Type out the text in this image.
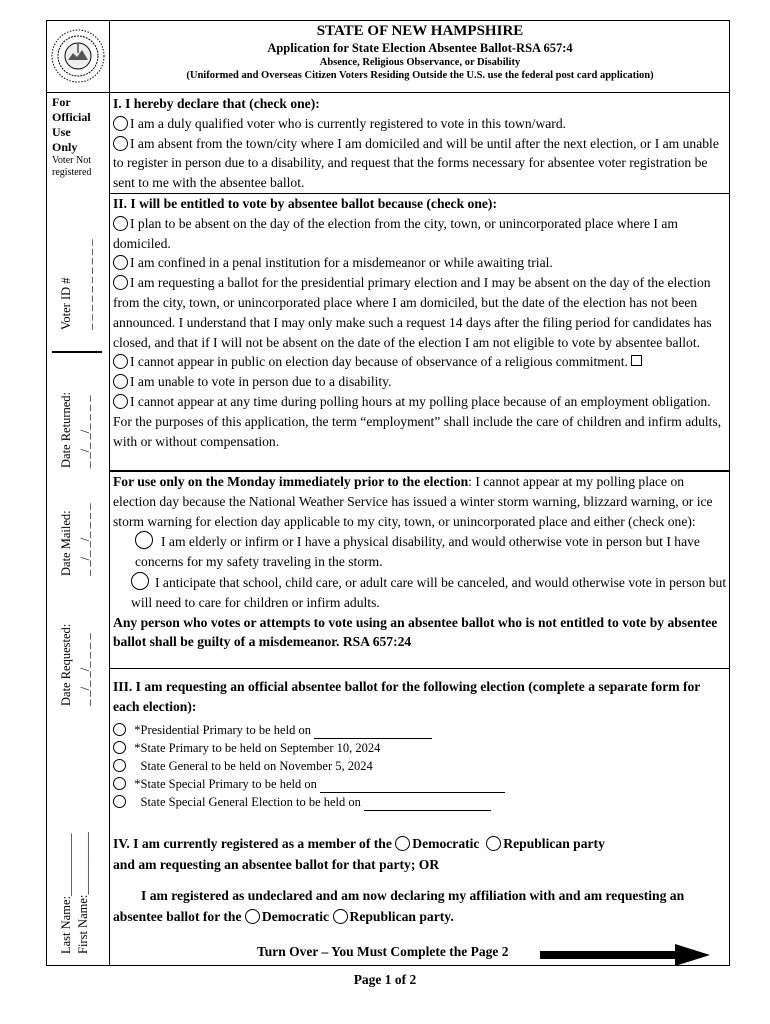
STATE OF NEW HAMPSHIRE
Application for State Election Absentee Ballot-RSA 657:4
Absence, Religious Observance, or Disability
(Uniformed and Overseas Citizen Voters Residing Outside the U.S. use the federal post card application)
For
Official
Use
Only
Voter Not
registered
Voter ID # _ _ _ _ _ _ _ _ _ _
Date Returned: _ _/_ _/_ _ _ _
Date Mailed: _ _/_ _/_ _ _ _
Date Requested: _ _/_ _/_ _ _ _
Last Name:__________ First Name:__________
I. I hereby declare that (check one):
I am a duly qualified voter who is currently registered to vote in this town/ward.
I am absent from the town/city where I am domiciled and will be until after the next election, or I am unable to register in person due to a disability, and request that the forms necessary for absentee voter registration be sent to me with the absentee ballot.
II. I will be entitled to vote by absentee ballot because (check one):
I plan to be absent on the day of the election from the city, town, or unincorporated place where I am domiciled.
I am confined in a penal institution for a misdemeanor or while awaiting trial.
I am requesting a ballot for the presidential primary election and I may be absent on the day of the election from the city, town, or unincorporated place where I am domiciled, but the date of the election has not been announced. I understand that I may only make such a request 14 days after the filing period for candidates has closed, and that if I will not be absent on the date of the election I am not eligible to vote by absentee ballot.
I cannot appear in public on election day because of observance of a religious commitment.
I am unable to vote in person due to a disability.
I cannot appear at any time during polling hours at my polling place because of an employment obligation. For the purposes of this application, the term “employment” shall include the care of children and infirm adults, with or without compensation.
For use only on the Monday immediately prior to the election: I cannot appear at my polling place on election day because the National Weather Service has issued a winter storm warning, blizzard warning, or ice storm warning for election day applicable to my city, town, or unincorporated place and either (check one):
I am elderly or infirm or I have a physical disability, and would otherwise vote in person but I have concerns for my safety traveling in the storm.
I anticipate that school, child care, or adult care will be canceled, and would otherwise vote in person but will need to care for children or infirm adults.
Any person who votes or attempts to vote using an absentee ballot who is not entitled to vote by absentee ballot shall be guilty of a misdemeanor. RSA 657:24
III. I am requesting an official absentee ballot for the following election (complete a separate form for each election):
*Presidential Primary to be held on
*State Primary to be held on September 10, 2024
State General to be held on November 5, 2024
*State Special Primary to be held on
State Special General Election to be held on
IV. I am currently registered as a member of the Democratic Republican party
and am requesting an absentee ballot for that party; OR
I am registered as undeclared and am now declaring my affiliation with and am requesting an absentee ballot for the Democratic Republican party.
Turn Over – You Must Complete the Page 2
Page 1 of 2
